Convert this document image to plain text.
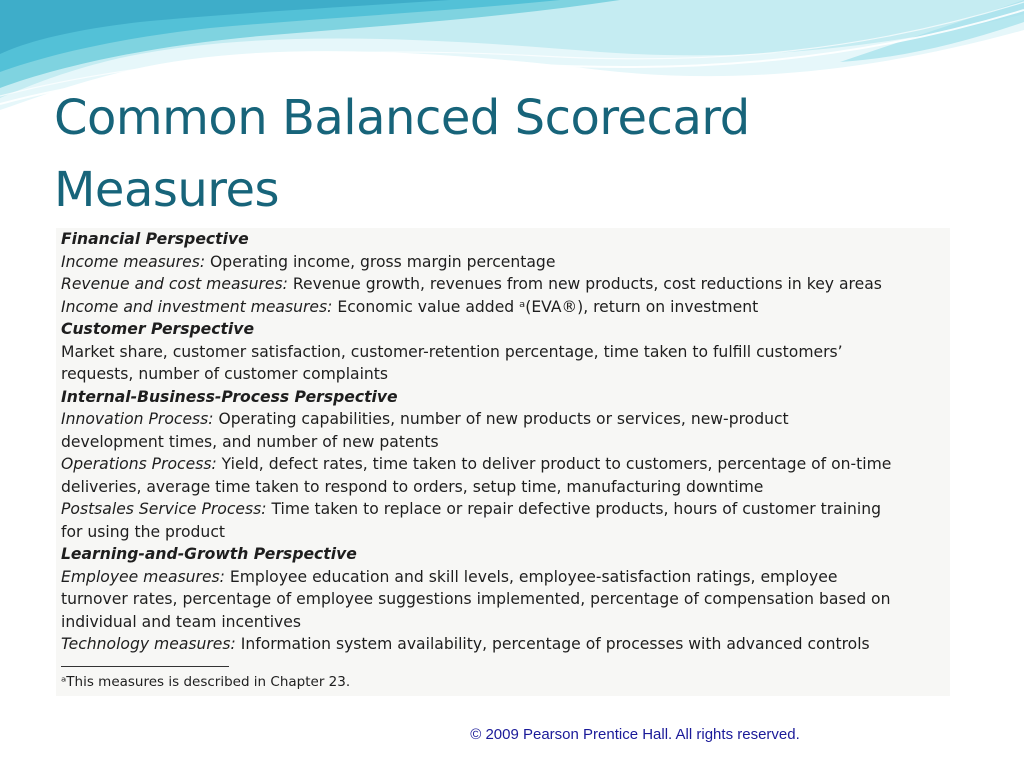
Common Balanced Scorecard Measures
Financial Perspective
Income measures: Operating income, gross margin percentage
Revenue and cost measures: Revenue growth, revenues from new products, cost reductions in key areas
Income and investment measures: Economic value added ᵃ(EVA®), return on investment
Customer Perspective
Market share, customer satisfaction, customer-retention percentage, time taken to fulfill customers’
requests, number of customer complaints
Internal-Business-Process Perspective
Innovation Process: Operating capabilities, number of new products or services, new-product
development times, and number of new patents
Operations Process: Yield, defect rates, time taken to deliver product to customers, percentage of on-time
deliveries, average time taken to respond to orders, setup time, manufacturing downtime
Postsales Service Process: Time taken to replace or repair defective products, hours of customer training
for using the product
Learning-and-Growth Perspective
Employee measures: Employee education and skill levels, employee-satisfaction ratings, employee
turnover rates, percentage of employee suggestions implemented, percentage of compensation based on
individual and team incentives
Technology measures: Information system availability, percentage of processes with advanced controls
ᵃThis measures is described in Chapter 23.
© 2009 Pearson Prentice Hall. All rights reserved.
